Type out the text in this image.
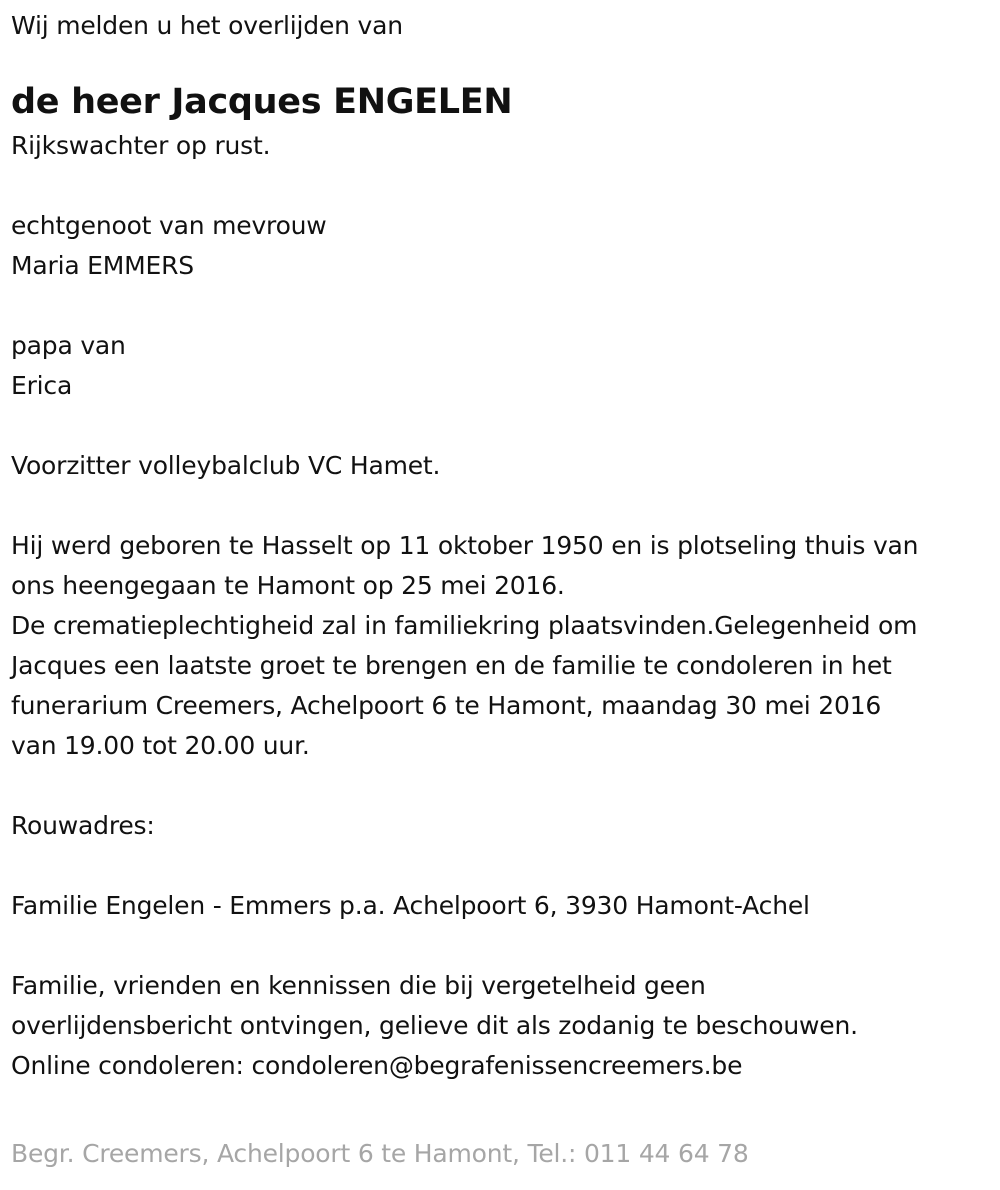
Wij melden u het overlijden van
de heer Jacques ENGELEN
Rijkswachter op rust.
echtgenoot van mevrouw
Maria EMMERS
papa van
Erica
Voorzitter volleybalclub VC Hamet.
Hij werd geboren te Hasselt op 11 oktober 1950 en is plotseling thuis van
ons heengegaan te Hamont op 25 mei 2016.
De crematieplechtigheid zal in familiekring plaatsvinden.Gelegenheid om
Jacques een laatste groet te brengen en de familie te condoleren in het
funerarium Creemers, Achelpoort 6 te Hamont, maandag 30 mei 2016
van 19.00 tot 20.00 uur.
Rouwadres:
Familie Engelen - Emmers p.a. Achelpoort 6, 3930 Hamont-Achel
Familie, vrienden en kennissen die bij vergetelheid geen
overlijdensbericht ontvingen, gelieve dit als zodanig te beschouwen.
Online condoleren: condoleren@begrafenissencreemers.be
Begr. Creemers, Achelpoort 6 te Hamont, Tel.: 011 44 64 78
